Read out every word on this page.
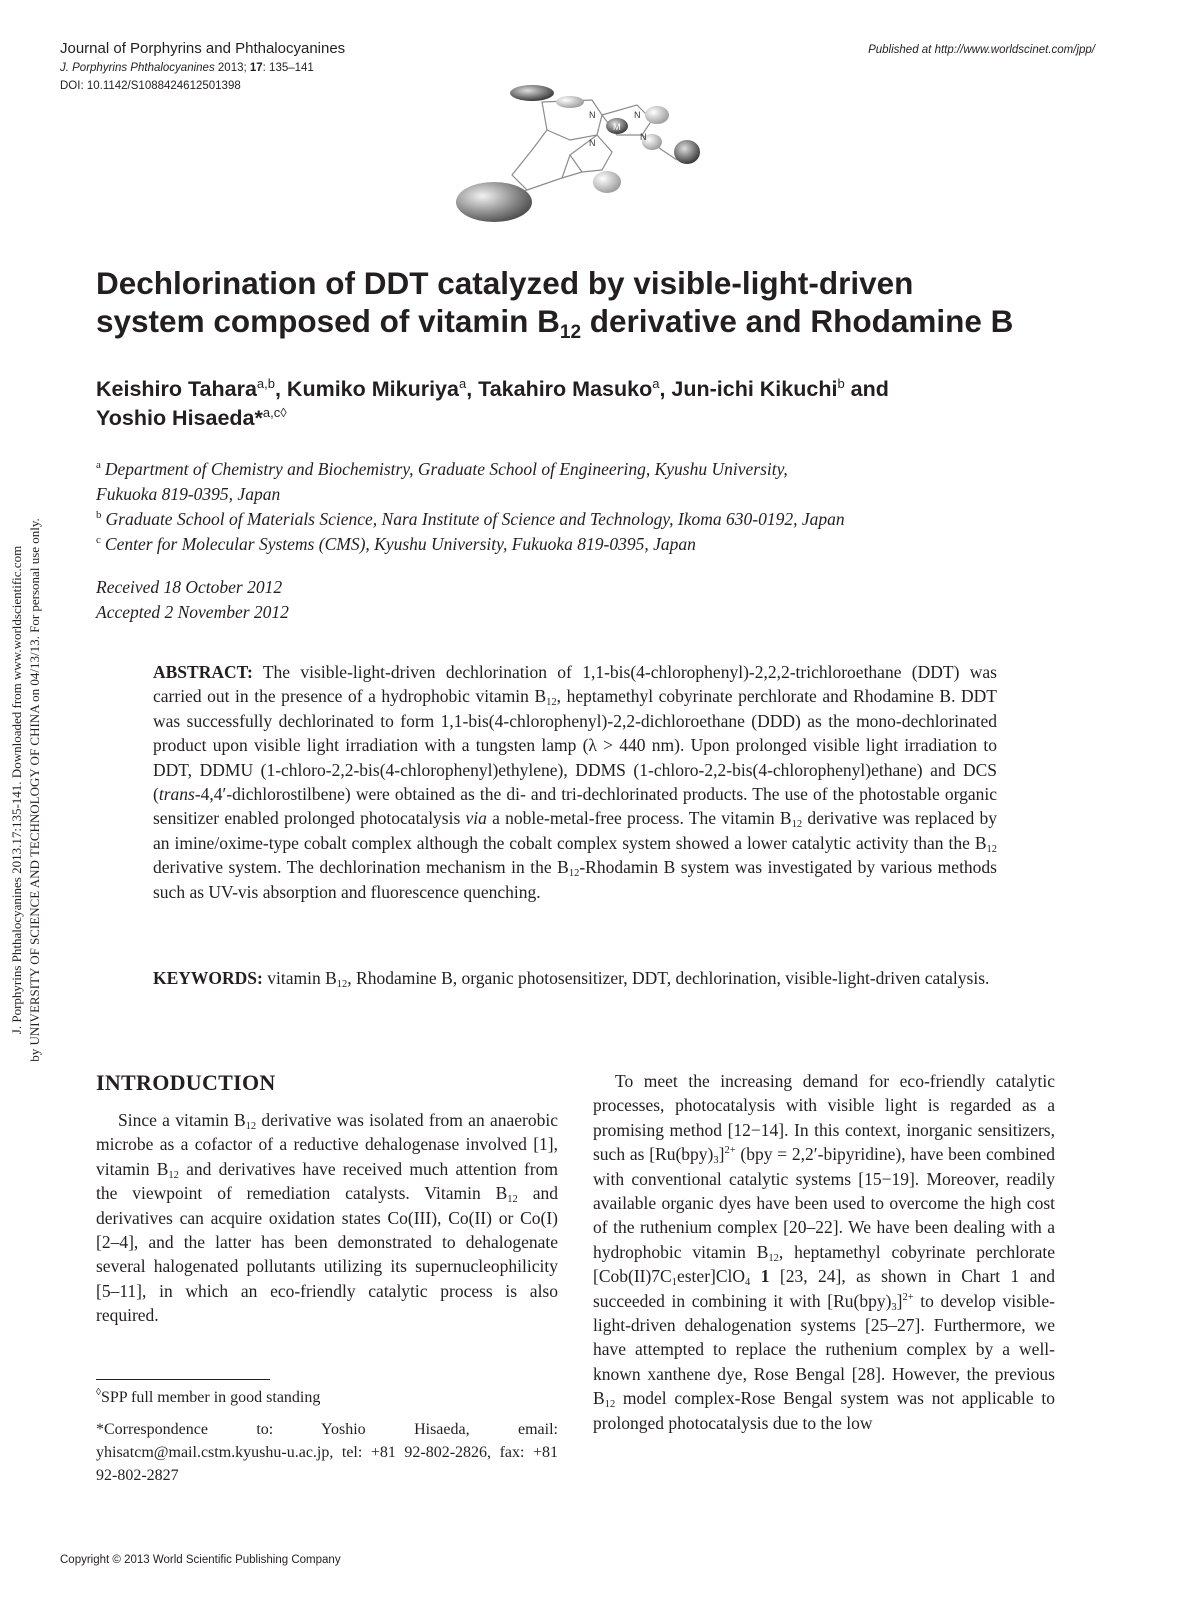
Journal of Porphyrins and Phthalocyanines
J. Porphyrins Phthalocyanines 2013; 17: 135–141
DOI: 10.1142/S1088424612501398
Published at http://www.worldscinet.com/jpp/
M
N	N
N
N
J. Porphyrins Phthalocyanines 2013.17:135-141. Downloaded from www.worldscientific.com by UNIVERSITY OF SCIENCE AND TECHNOLOGY OF CHINA on 04/13/13. For personal use only.
Dechlorination of DDT catalyzed by visible-light-driven
system composed of vitamin $B_{12}$ derivative and Rhodamine B
Keishiro Tahara$^{a,b}$, Kumiko Mikuriya$^a$, Takahiro Masuko$^a$, Jun-ichi Kikuchi$^b$ and
Yoshio Hisaeda*$^{a,c◊}$
$^a$ Department of Chemistry and Biochemistry, Graduate School of Engineering, Kyushu University,
Fukuoka 819-0395, Japan
$^b$ Graduate School of Materials Science, Nara Institute of Science and Technology, Ikoma 630-0192, Japan
$^c$ Center for Molecular Systems (CMS), Kyushu University, Fukuoka 819-0395, Japan
Received 18 October 2012
Accepted 2 November 2012
ABSTRACT: The visible-light-driven dechlorination of 1,1-bis(4-chlorophenyl)-2,2,2-trichloroethane (DDT) was carried out in the presence of a hydrophobic vitamin $B_{12}$, heptamethyl cobyrinate perchlorate and Rhodamine B. DDT was successfully dechlorinated to form 1,1-bis(4-chlorophenyl)-2,2-dichloroethane (DDD) as the mono-dechlorinated product upon visible light irradiation with a tungsten lamp (λ > 440 nm). Upon prolonged visible light irradiation to DDT, DDMU (1-chloro-2,2-bis(4-chlorophenyl)ethylene), DDMS (1-chloro-2,2-bis(4-chlorophenyl)ethane) and DCS (trans-4,4′-dichlorostilbene) were obtained as the di- and tri-dechlorinated products. The use of the photostable organic sensitizer enabled prolonged photocatalysis via a noble-metal-free process. The vitamin $B_{12}$ derivative was replaced by an imine/oxime-type cobalt complex although the cobalt complex system showed a lower catalytic activity than the $B_{12}$ derivative system. The dechlorination mechanism in the $B_{12}$-Rhodamin B system was investigated by various methods such as UV-vis absorption and fluorescence quenching.
KEYWORDS: vitamin $B_{12}$, Rhodamine B, organic photosensitizer, DDT, dechlorination, visible-light-driven catalysis.
INTRODUCTION
Since a vitamin $B_{12}$ derivative was isolated from an anaerobic microbe as a cofactor of a reductive dehalogenase involved [1], vitamin $B_{12}$ and derivatives have received much attention from the viewpoint of remediation catalysts. Vitamin $B_{12}$ and derivatives can acquire oxidation states Co(III), Co(II) or Co(I) [2–4], and the latter has been demonstrated to dehalogenate several halogenated pollutants utilizing its supernucleophilicity [5–11], in which an eco-friendly catalytic process is also required.
To meet the increasing demand for eco-friendly catalytic processes, photocatalysis with visible light is regarded as a promising method [12−14]. In this context, inorganic sensitizers, such as $[Ru(bpy)_3]^{2+}$ (bpy = 2,2′-bipyridine), have been combined with conventional catalytic systems [15−19]. Moreover, readily available organic dyes have been used to overcome the high cost of the ruthenium complex [20–22]. We have been dealing with a hydrophobic vitamin $B_{12}$, heptamethyl cobyrinate perchlorate $[Cob(II)7C_1ester]ClO_4$ 1 [23, 24], as shown in Chart 1 and succeeded in combining it with $[Ru(bpy)_3]^{2+}$ to develop visible-light-driven dehalogenation systems [25–27]. Furthermore, we have attempted to replace the ruthenium complex by a well-known xanthene dye, Rose Bengal [28]. However, the previous $B_{12}$ model complex-Rose Bengal system was not applicable to prolonged photocatalysis due to the low
◊SPP full member in good standing
*Correspondence to: Yoshio Hisaeda, email: yhisatcm@mail.cstm.kyushu-u.ac.jp, tel: +81 92-802-2826, fax: +81 92-802-2827
Copyright © 2013 World Scientific Publishing Company
